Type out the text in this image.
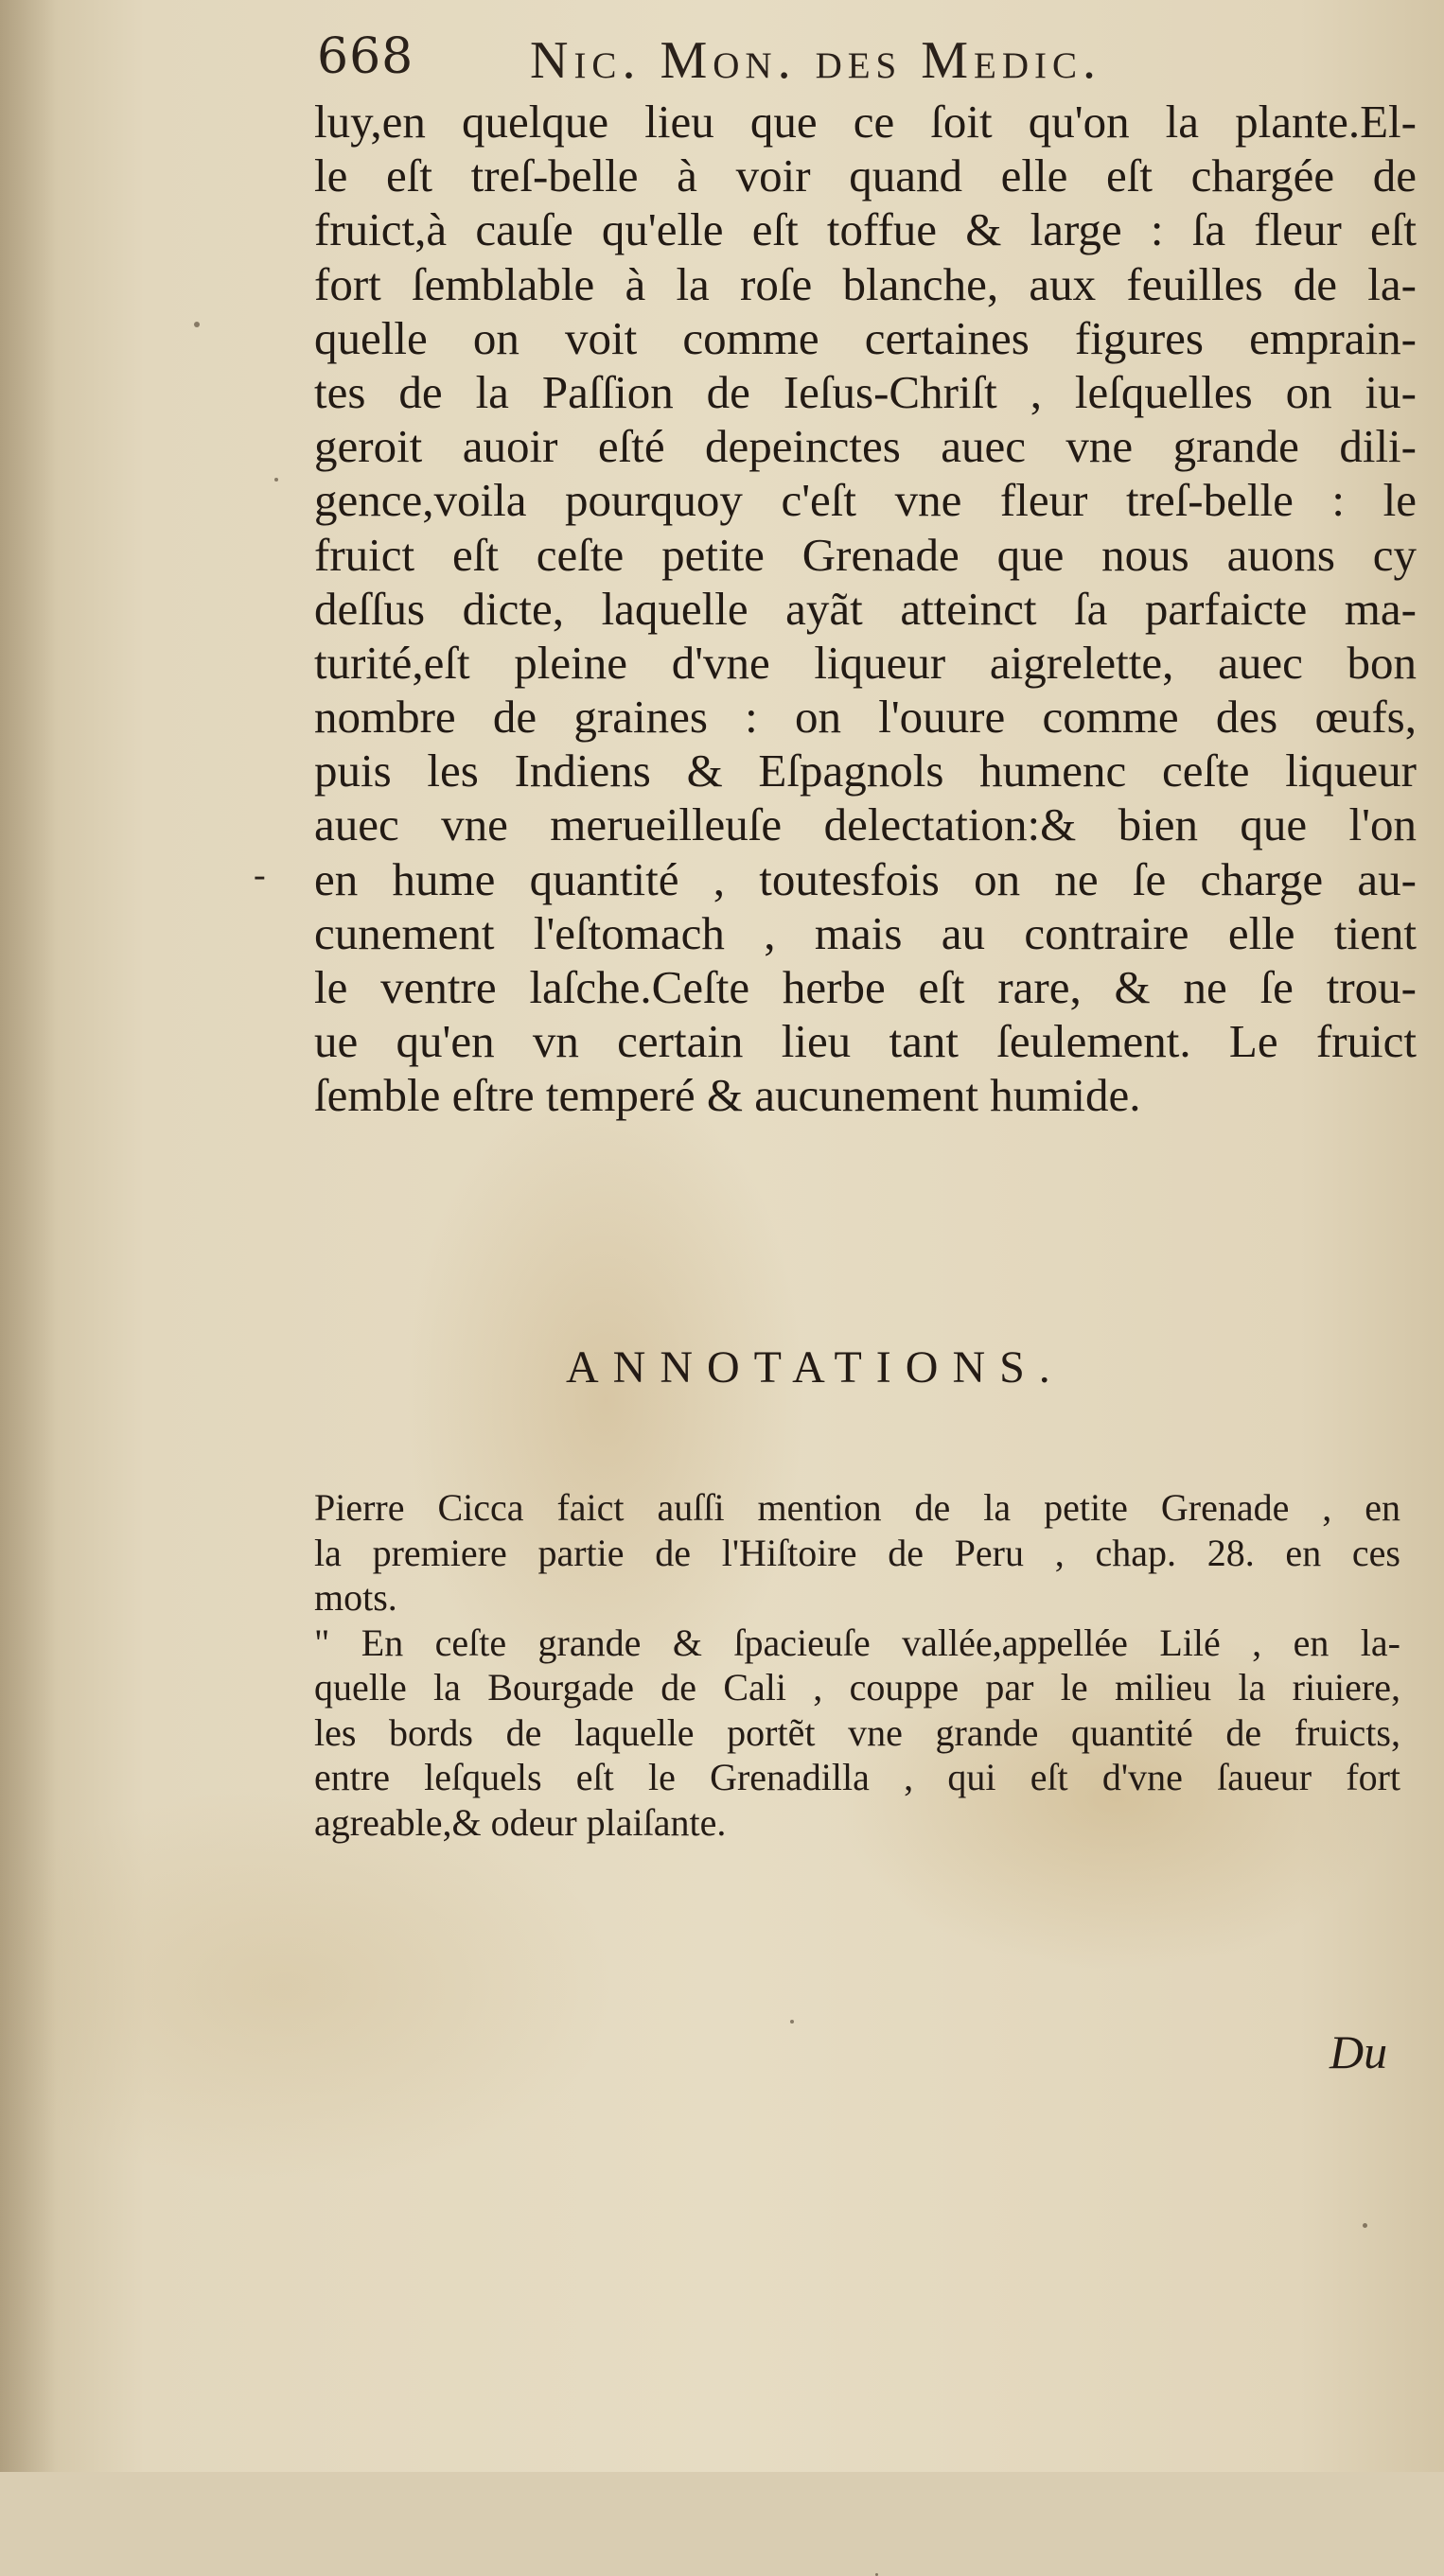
668 Nic. Mon. des Medic.
-
luy,en quelque lieu que ce ſoit qu'on la plante.El-
le eſt treſ-belle à voir quand elle eſt chargée de
fruict,à cauſe qu'elle eſt toffue & large : ſa fleur eſt
fort ſemblable à la roſe blanche, aux feuilles de la-
quelle on voit comme certaines figures emprain-
tes de la Paſſion de Ieſus-Chriſt , leſquelles on iu-
geroit auoir eſté depeinctes auec vne grande dili-
gence,voila pourquoy c'eſt vne fleur treſ-belle : le
fruict eſt ceſte petite Grenade que nous auons cy
deſſus dicte, laquelle ayãt atteinct ſa parfaicte ma-
turité,eſt pleine d'vne liqueur aigrelette, auec bon
nombre de graines : on l'ouure comme des œufs,
puis les Indiens & Eſpagnols humenc ceſte liqueur
auec vne merueilleuſe delectation:& bien que l'on
en hume quantité , toutesfois on ne ſe charge au-
cunement l'eſtomach , mais au contraire elle tient
le ventre laſche.Ceſte herbe eſt rare, & ne ſe trou-
ue qu'en vn certain lieu tant ſeulement. Le fruict
ſemble eſtre temperé & aucunement humide.
ANNOTATIONS.
Pierre Cicca faict auſſi mention de la petite Grenade , en
la premiere partie de l'Hiſtoire de Peru , chap. 28. en ces
mots.
" En ceſte grande & ſpacieuſe vallée,appellée Lilé , en la-
quelle la Bourgade de Cali , couppe par le milieu la riuiere,
les bords de laquelle portẽt vne grande quantité de fruicts,
entre leſquels eſt le Grenadilla , qui eſt d'vne ſaueur fort
agreable,& odeur plaiſante.
Du
